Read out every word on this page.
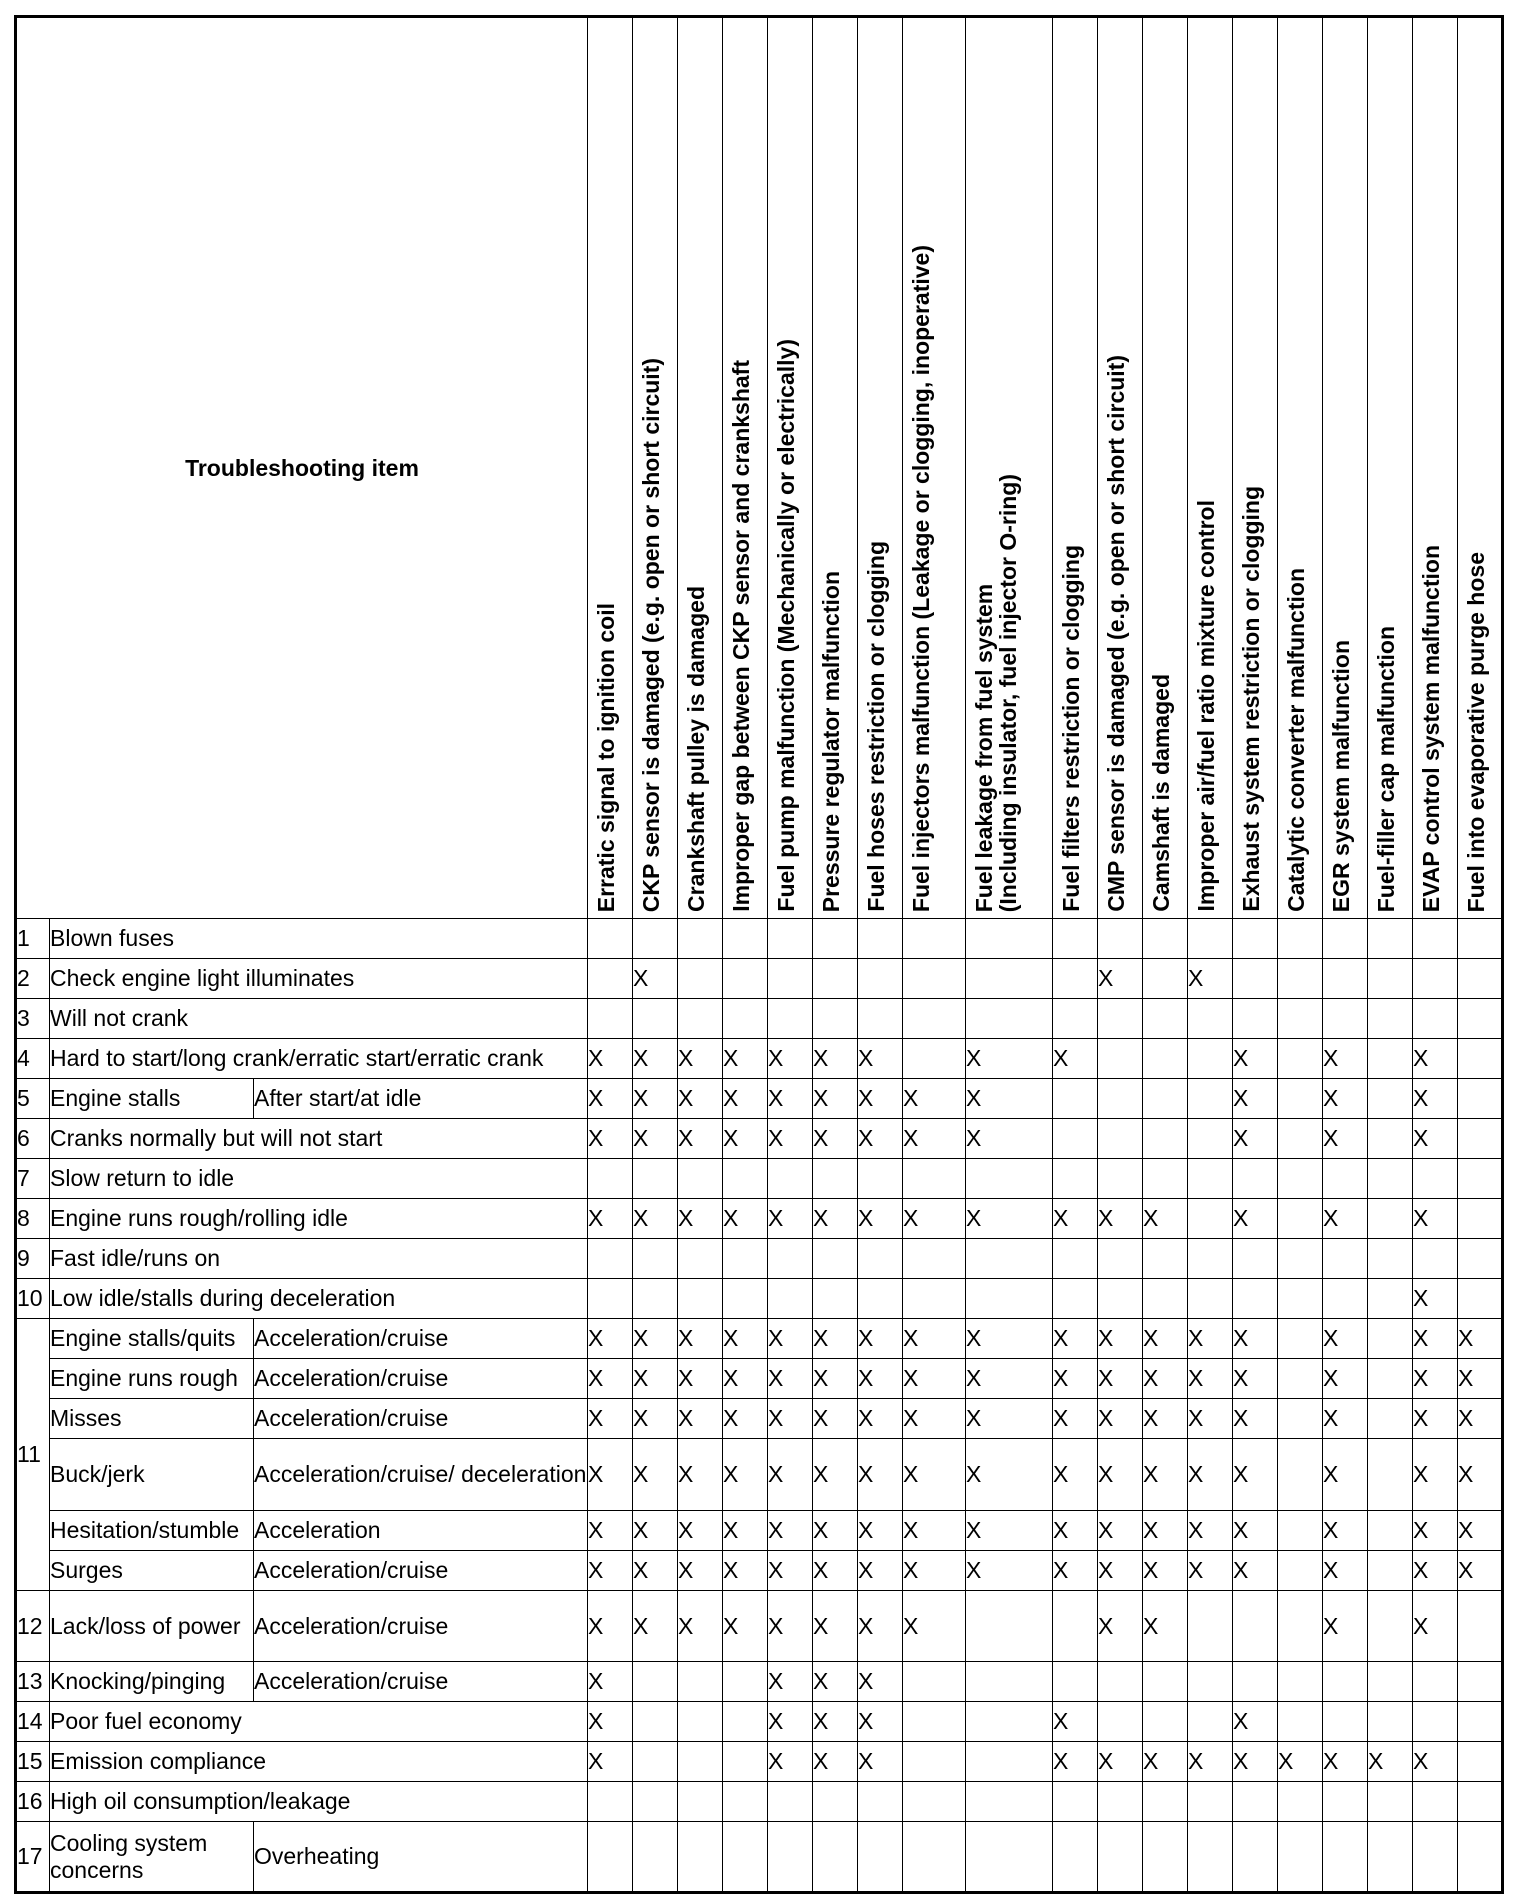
Troubleshooting item			Erratic signal to ignition coil	CKP sensor is damaged (e.g. open or short circuit)	Crankshaft pulley is damaged	Improper gap between CKP sensor and crankshaft	Fuel pump malfunction (Mechanically or electrically)	Pressure regulator malfunction	Fuel hoses restriction or clogging	Fuel injectors malfunction (Leakage or clogging, inoperative)	Fuel leakage from fuel system
(Including insulator, fuel injector O-ring)	Fuel filters restriction or clogging	CMP sensor is damaged (e.g. open or short circuit)	Camshaft is damaged	Improper air/fuel ratio mixture control	Exhaust system restriction or clogging	Catalytic converter malfunction	EGR system malfunction	Fuel-filler cap malfunction	EVAP control system malfunction	Fuel into evaporative purge hose

1	Blown fuses																				
2	Check engine light illuminates			X									X		X						
3	Will not crank																				
4	Hard to start/long crank/erratic start/erratic crank		X	X	X	X	X	X	X		X	X				X		X		X	
5	Engine stalls	After start/at idle	X	X	X	X	X	X	X	X	X					X		X		X	
6	Cranks normally but will not start		X	X	X	X	X	X	X	X	X					X		X		X	
7	Slow return to idle																				
8	Engine runs rough/rolling idle		X	X	X	X	X	X	X	X	X	X	X	X		X		X		X	
9	Fast idle/runs on																				
10	Low idle/stalls during deceleration																			X	
11	Engine stalls/quits	Acceleration/cruise	X	X	X	X	X	X	X	X	X	X	X	X	X	X		X		X	X
	Engine runs rough	Acceleration/cruise	X	X	X	X	X	X	X	X	X	X	X	X	X	X		X		X	X
	Misses	Acceleration/cruise	X	X	X	X	X	X	X	X	X	X	X	X	X	X		X		X	X
	Buck/jerk	Acceleration/cruise/ deceleration	X	X	X	X	X	X	X	X	X	X	X	X	X	X		X		X	X
	Hesitation/stumble	Acceleration	X	X	X	X	X	X	X	X	X	X	X	X	X	X		X		X	X
	Surges	Acceleration/cruise	X	X	X	X	X	X	X	X	X	X	X	X	X	X		X		X	X
12	Lack/loss of power	Acceleration/cruise	X	X	X	X	X	X	X	X			X	X				X		X	
13	Knocking/pinging	Acceleration/cruise	X				X	X	X												
14	Poor fuel economy		X				X	X	X			X				X					
15	Emission compliance		X				X	X	X			X	X	X	X	X	X	X	X	X	
16	High oil consumption/leakage																				
17	Cooling system concerns	Overheating																			
